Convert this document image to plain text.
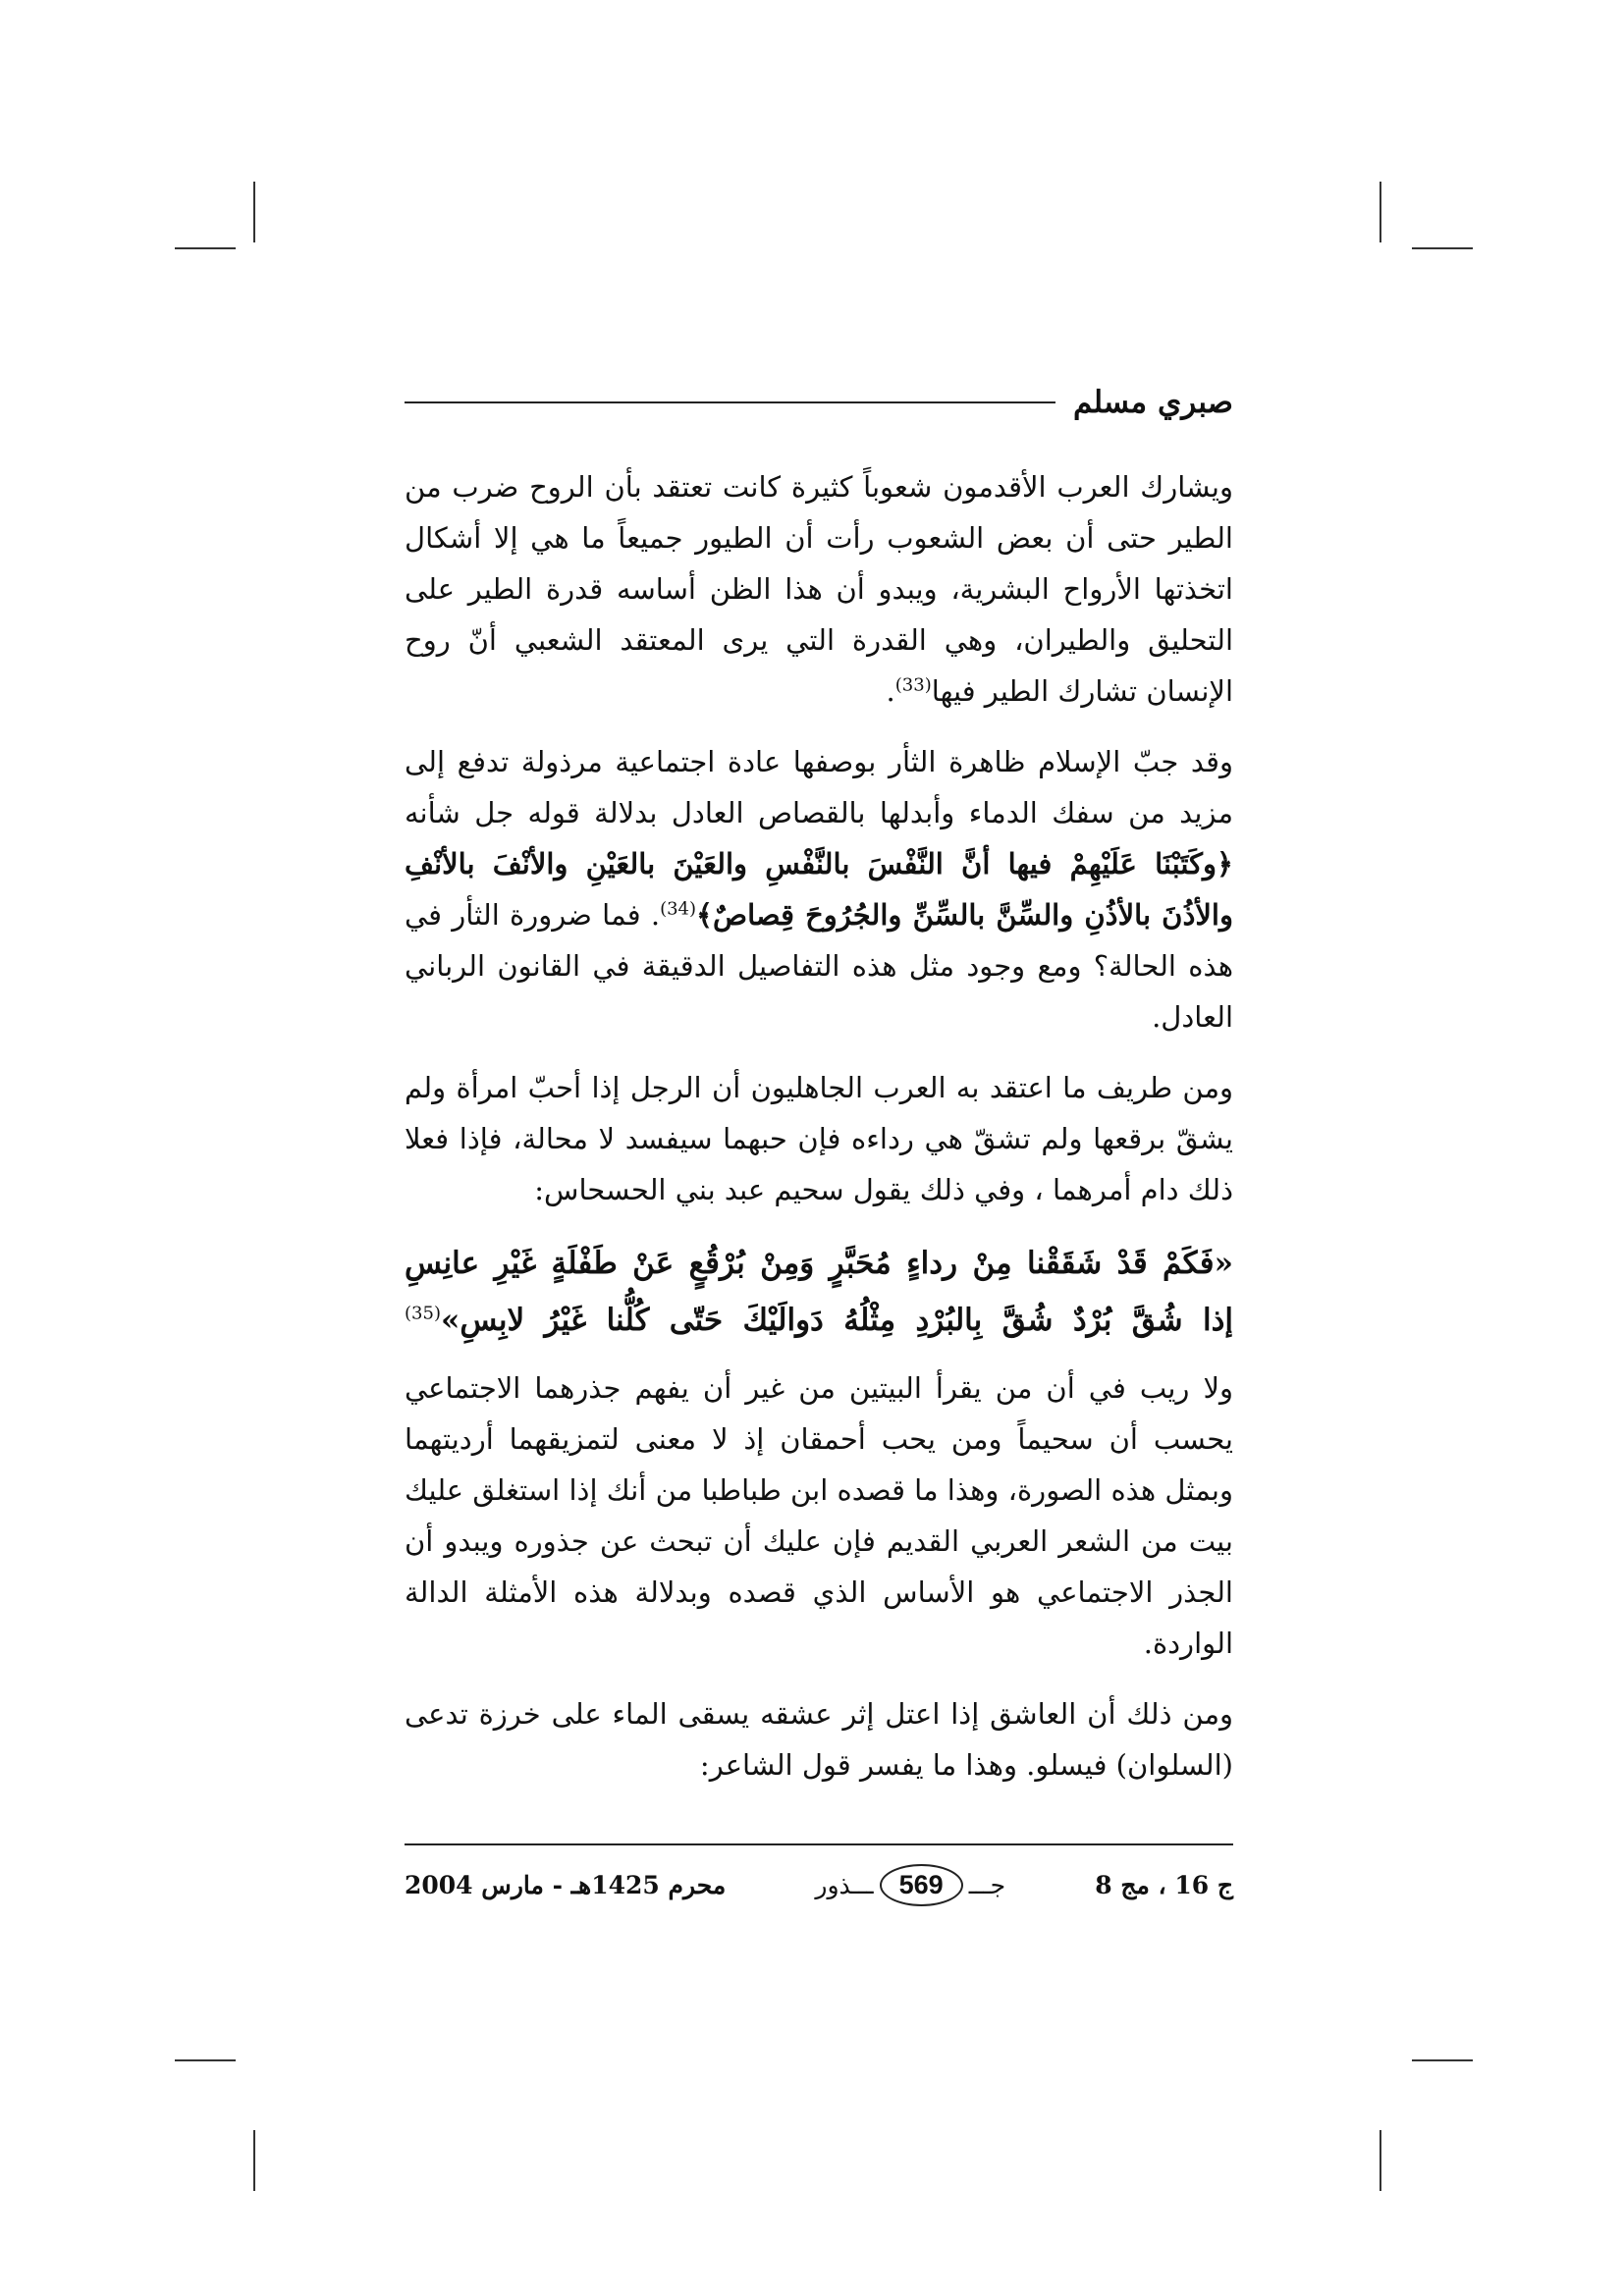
صبري مسلم

ويشارك العرب الأقدمون شعوباً كثيرة كانت تعتقد بأن الروح ضرب من الطير حتى أن بعض الشعوب رأت أن الطيور جميعاً ما هي إلا أشكال اتخذتها الأرواح البشرية، ويبدو أن هذا الظن أساسه قدرة الطير على التحليق والطيران، وهي القدرة التي يرى المعتقد الشعبي أنّ روح الإنسان تشارك الطير فيها$^{(33)}$.

وقد جبّ الإسلام ظاهرة الثأر بوصفها عادة اجتماعية مرذولة تدفع إلى مزيد من سفك الدماء وأبدلها بالقصاص العادل بدلالة قوله جل شأنه ﴿وكَتَبْنَا عَلَيْهِمْ فيها أنَّ النَّفْسَ بالنَّفْسِ والعَيْنَ بالعَيْنِ والأنْفَ بالأنْفِ والأذُنَ بالأذُنِ والسِّنَّ بالسِّنِّ والجُرُوحَ قِصاصٌ﴾$^{(34)}$. فما ضرورة الثأر في هذه الحالة؟ ومع وجود مثل هذه التفاصيل الدقيقة في القانون الرباني العادل.

ومن طريف ما اعتقد به العرب الجاهليون أن الرجل إذا أحبّ امرأة ولم يشقّ برقعها ولم تشقّ هي رداءه فإن حبهما سيفسد لا محالة، فإذا فعلا ذلك دام أمرهما ، وفي ذلك يقول سحيم عبد بني الحسحاس:

«فَكَمْ قَدْ شَقَقْنا مِنْ رداءٍ مُحَبَّرٍ وَمِنْ بُرْقُعٍ عَنْ طَفْلَةٍ غَيْرِ عانِسِ

إذا شُقَّ بُرْدٌ شُقَّ بِالبُرْدِ مِثْلُهُ دَوالَيْكَ حَتّى كُلُّنا غَيْرُ لابِسِ»$^{(35)}$

ولا ريب في أن من يقرأ البيتين من غير أن يفهم جذرهما الاجتماعي يحسب أن سحيماً ومن يحب أحمقان إذ لا معنى لتمزيقهما أرديتهما وبمثل هذه الصورة، وهذا ما قصده ابن طباطبا من أنك إذا استغلق عليك بيت من الشعر العربي القديم فإن عليك أن تبحث عن جذوره ويبدو أن الجذر الاجتماعي هو الأساس الذي قصده وبدلالة هذه الأمثلة الدالة الواردة.

ومن ذلك أن العاشق إذا اعتل إثر عشقه يسقى الماء على خرزة تدعى (السلوان) فيسلو. وهذا ما يفسر قول الشاعر:

ج 16 ، مج 8
جـــ
569
ـــذور
محرم 1425هـ - مارس 2004
